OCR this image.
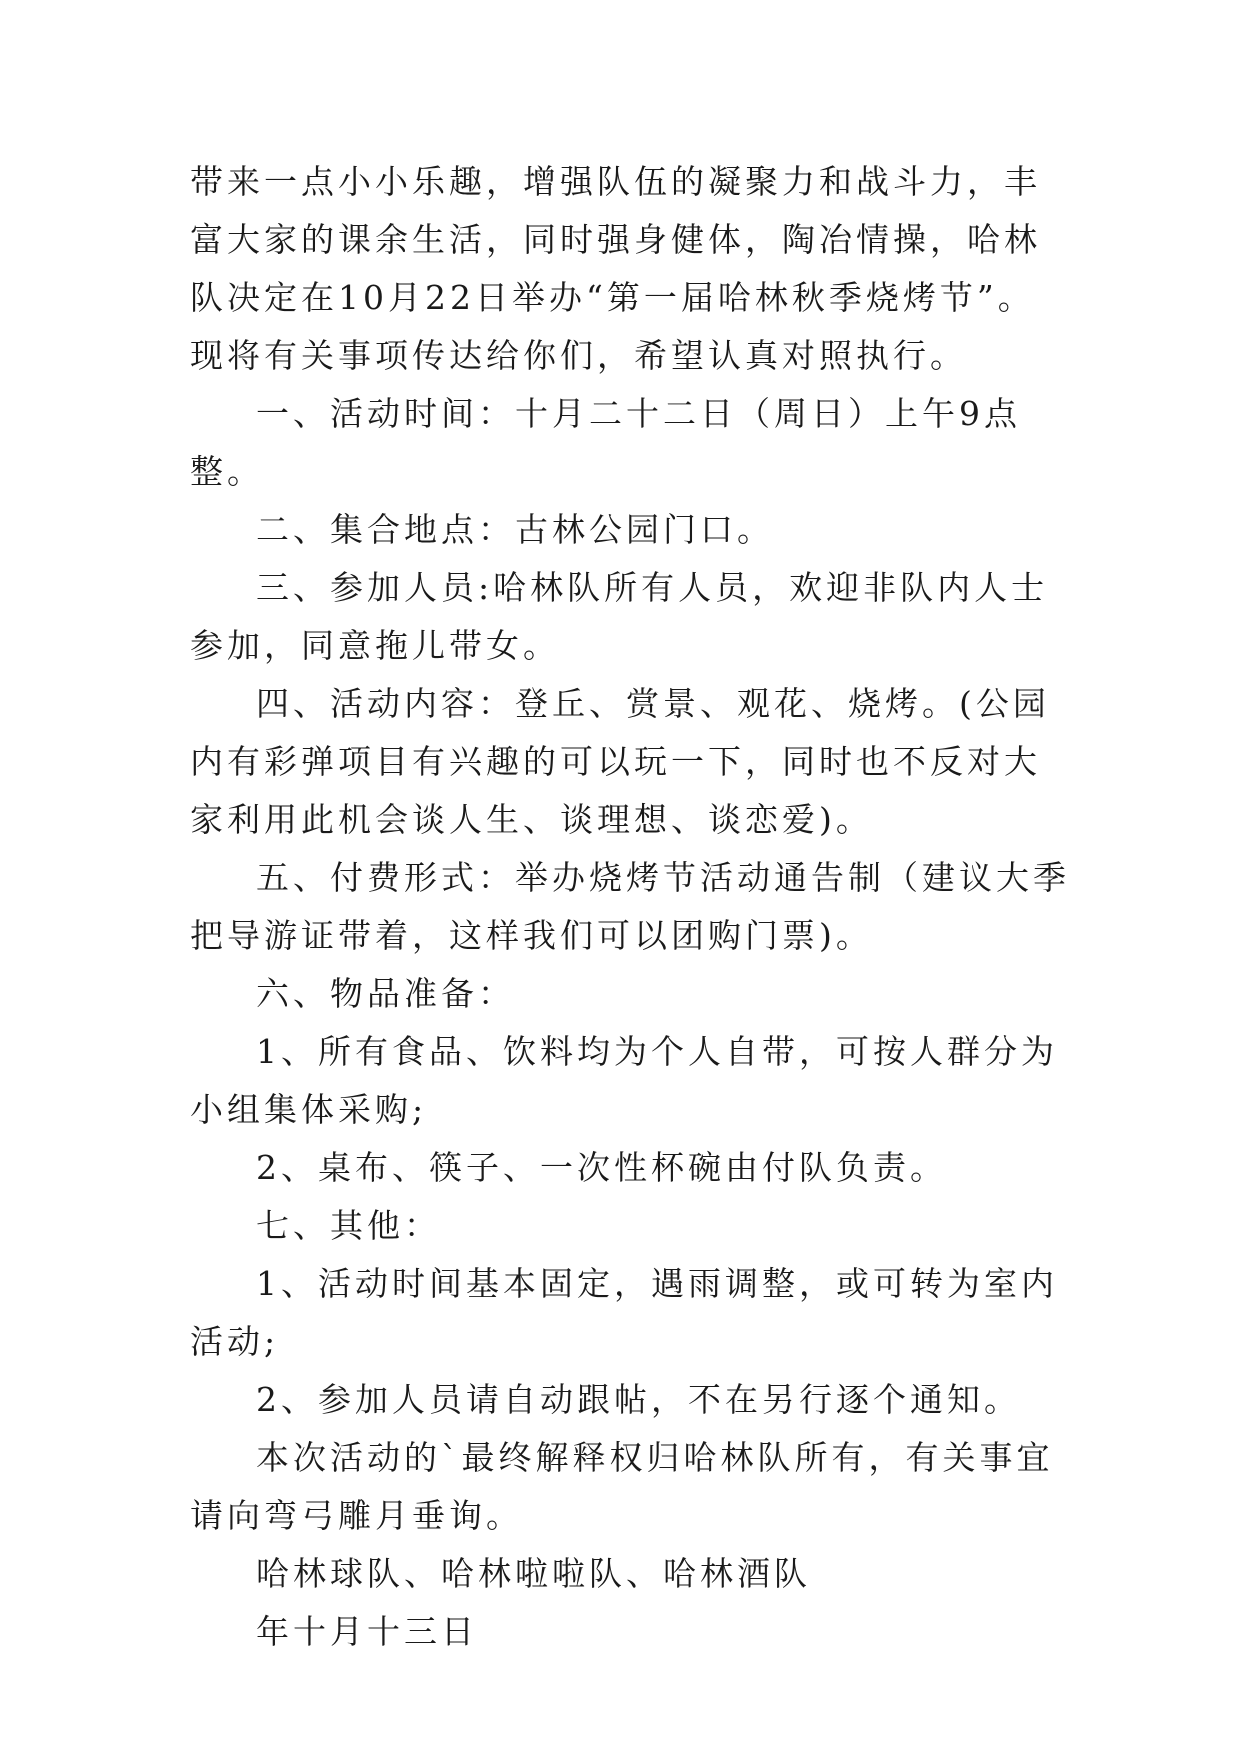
带来一点小小乐趣，增强队伍的凝聚力和战斗力，丰富大家的课余生活，同时强身健体，陶冶情操，哈林队决定在10月22日举办“第一届哈林秋季烧烤节”。现将有关事项传达给你们，希望认真对照执行。

一、活动时间：十月二十二日（周日）上午9点整。

二、集合地点：古林公园门口。

三、参加人员:哈林队所有人员，欢迎非队内人士参加，同意拖儿带女。

四、活动内容：登丘、赏景、观花、烧烤。(公园内有彩弹项目有兴趣的可以玩一下，同时也不反对大家利用此机会谈人生、谈理想、谈恋爱)。

五、付费形式：举办烧烤节活动通告制（建议大季把导游证带着，这样我们可以团购门票)。

六、物品准备：

1、所有食品、饮料均为个人自带，可按人群分为小组集体采购;

2、桌布、筷子、一次性杯碗由付队负责。

七、其他：

1、活动时间基本固定，遇雨调整，或可转为室内活动;

2、参加人员请自动跟帖，不在另行逐个通知。

本次活动的`最终解释权归哈林队所有，有关事宜请向弯弓雕月垂询。

哈林球队、哈林啦啦队、哈林酒队

年十月十三日
